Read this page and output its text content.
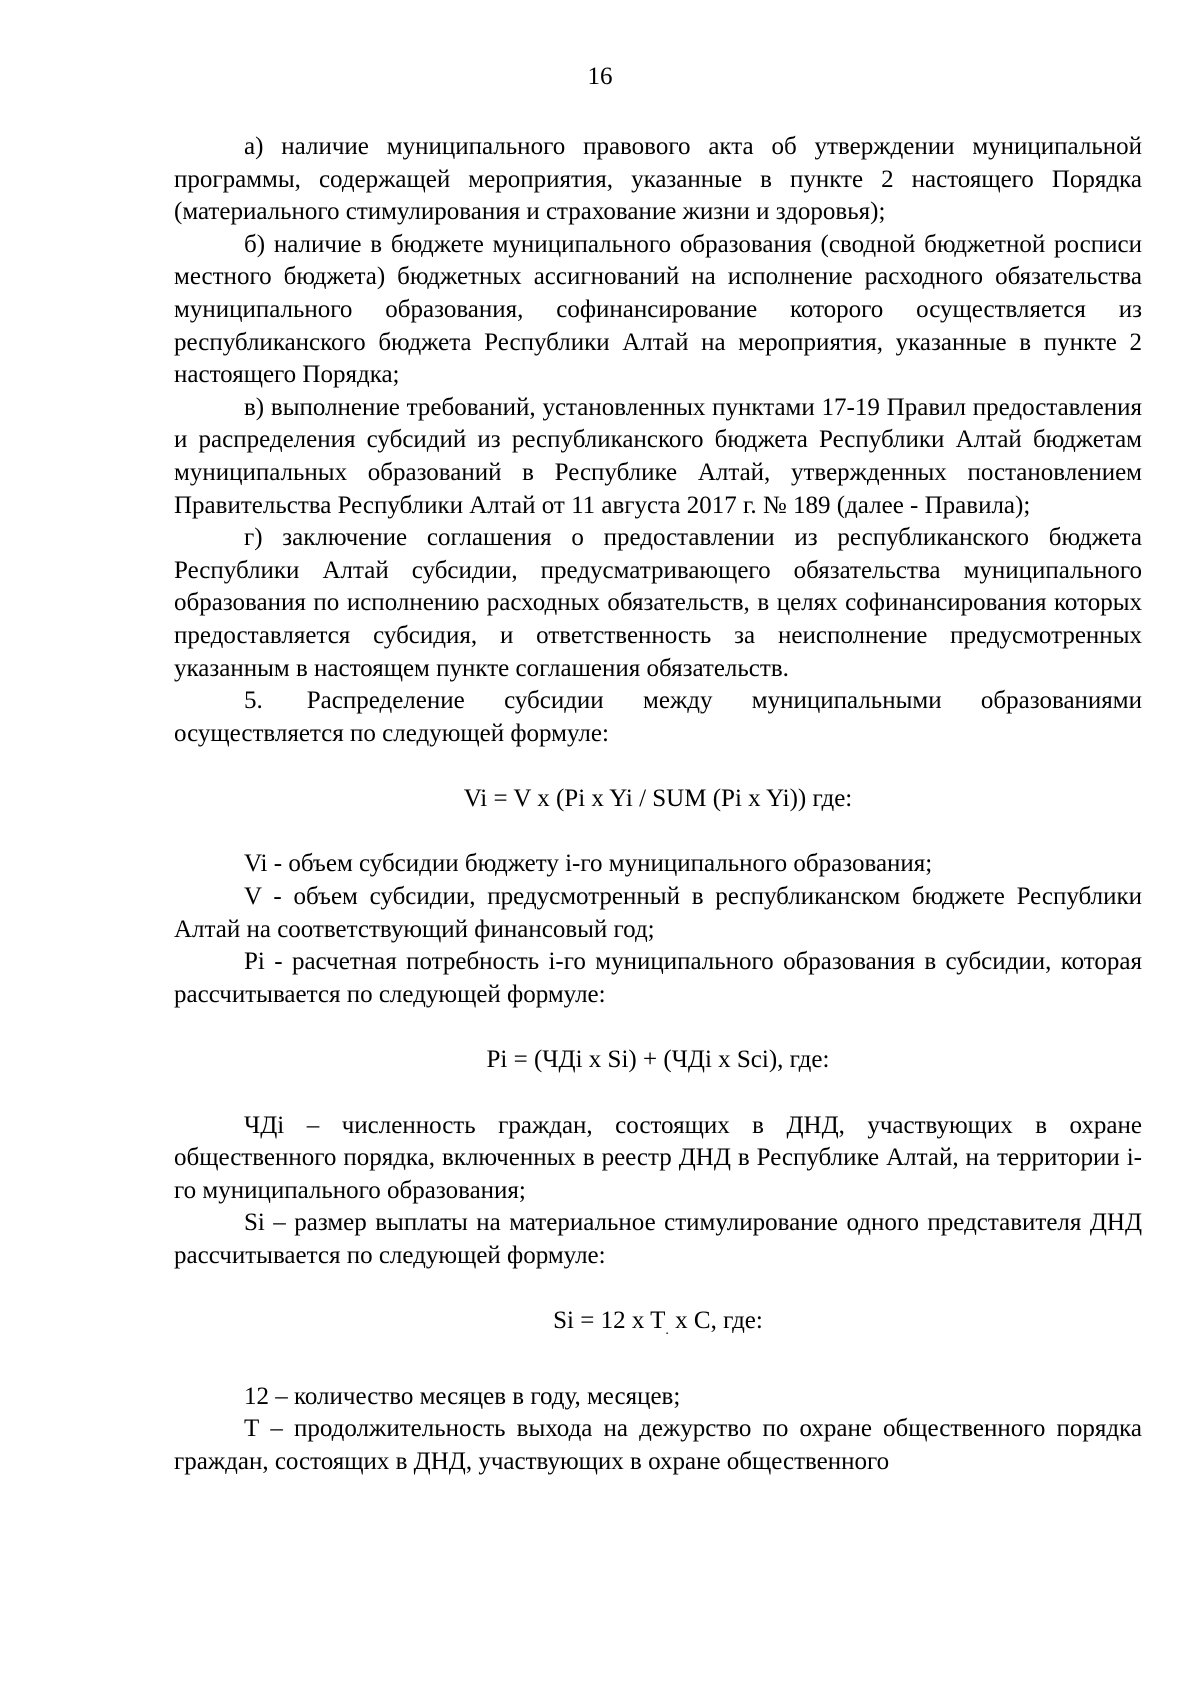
16

а) наличие муниципального правового акта об утверждении муниципальной программы, содержащей мероприятия, указанные в пункте 2 настоящего Порядка (материального стимулирования и страхование жизни и здоровья);

б) наличие в бюджете муниципального образования (сводной бюджетной росписи местного бюджета) бюджетных ассигнований на исполнение расходного обязательства муниципального образования, софинансирование которого осуществляется из республиканского бюджета Республики Алтай на мероприятия, указанные в пункте 2 настоящего Порядка;

в) выполнение требований, установленных пунктами 17-19 Правил предоставления и распределения субсидий из республиканского бюджета Республики Алтай бюджетам муниципальных образований в Республике Алтай, утвержденных постановлением Правительства Республики Алтай от 11 августа 2017 г. № 189 (далее - Правила);

г) заключение соглашения о предоставлении из республиканского бюджета Республики Алтай субсидии, предусматривающего обязательства муниципального образования по исполнению расходных обязательств, в целях софинансирования которых предоставляется субсидия, и ответственность за неисполнение предусмотренных указанным в настоящем пункте соглашения обязательств.

5. Распределение субсидии между муниципальными образованиями осуществляется по следующей формуле:

Vi = V x (Pi x Yi / SUM (Pi x Yi)) где:

Vi - объем субсидии бюджету i-го муниципального образования;

V - объем субсидии, предусмотренный в республиканском бюджете Республики Алтай на соответствующий финансовый год;

Pi - расчетная потребность i-го муниципального образования в субсидии, которая рассчитывается по следующей формуле:

Pi = (ЧДi x Si) + (ЧДi x Sci), где:

ЧДi – численность граждан, состоящих в ДНД, участвующих в охране общественного порядка, включенных в реестр ДНД в Республике Алтай, на территории i-го муниципального образования;

Si – размер выплаты на материальное стимулирование одного представителя ДНД рассчитывается по следующей формуле:

Si = 12 x $T_.$ x C, где:

12 – количество месяцев в году, месяцев;

Т – продолжительность выхода на дежурство по охране общественного порядка граждан, состоящих в ДНД, участвующих в охране общественного
